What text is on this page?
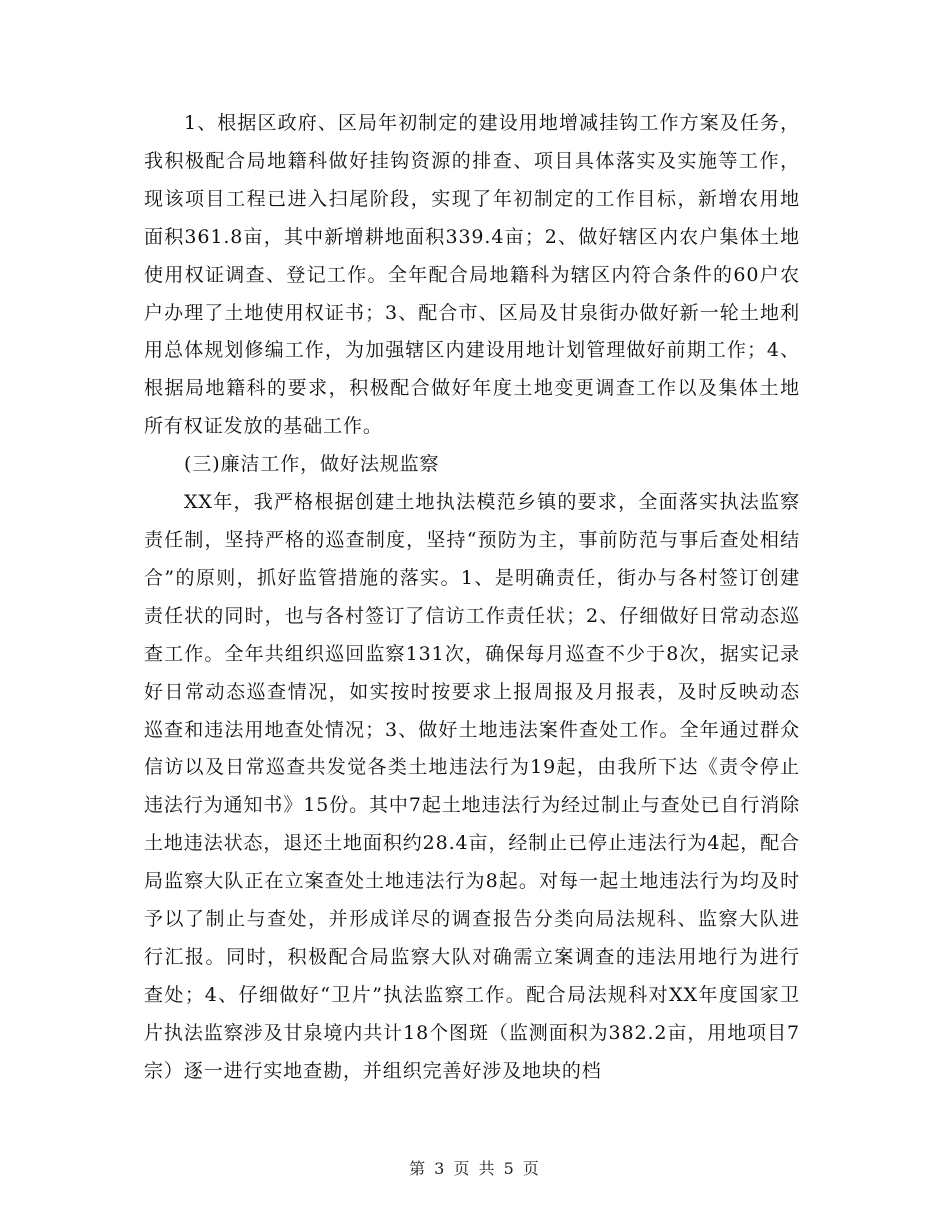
1、根据区政府、区局年初制定的建设用地增减挂钩工作方案及任务，我积极配合局地籍科做好挂钩资源的排查、项目具体落实及实施等工作，现该项目工程已进入扫尾阶段，实现了年初制定的工作目标，新增农用地面积361.8亩，其中新增耕地面积339.4亩；2、做好辖区内农户集体土地使用权证调查、登记工作。全年配合局地籍科为辖区内符合条件的60户农户办理了土地使用权证书；3、配合市、区局及甘泉街办做好新一轮土地利用总体规划修编工作，为加强辖区内建设用地计划管理做好前期工作；4、根据局地籍科的要求，积极配合做好年度土地变更调查工作以及集体土地所有权证发放的基础工作。

(三)廉洁工作，做好法规监察

XX年，我严格根据创建土地执法模范乡镇的要求，全面落实执法监察责任制，坚持严格的巡查制度，坚持“预防为主，事前防范与事后查处相结合”的原则，抓好监管措施的落实。1、是明确责任，街办与各村签订创建责任状的同时，也与各村签订了信访工作责任状；2、仔细做好日常动态巡查工作。全年共组织巡回监察131次，确保每月巡查不少于8次，据实记录好日常动态巡查情况，如实按时按要求上报周报及月报表，及时反映动态巡查和违法用地查处情况；3、做好土地违法案件查处工作。全年通过群众信访以及日常巡查共发觉各类土地违法行为19起，由我所下达《责令停止违法行为通知书》15份。其中7起土地违法行为经过制止与查处已自行消除土地违法状态，退还土地面积约28.4亩，经制止已停止违法行为4起，配合局监察大队正在立案查处土地违法行为8起。对每一起土地违法行为均及时予以了制止与查处，并形成详尽的调查报告分类向局法规科、监察大队进行汇报。同时，积极配合局监察大队对确需立案调查的违法用地行为进行查处；4、仔细做好“卫片”执法监察工作。配合局法规科对XX年度国家卫片执法监察涉及甘泉境内共计18个图斑（监测面积为382.2亩，用地项目7宗）逐一进行实地查勘，并组织完善好涉及地块的档

第 3 页 共 5 页
